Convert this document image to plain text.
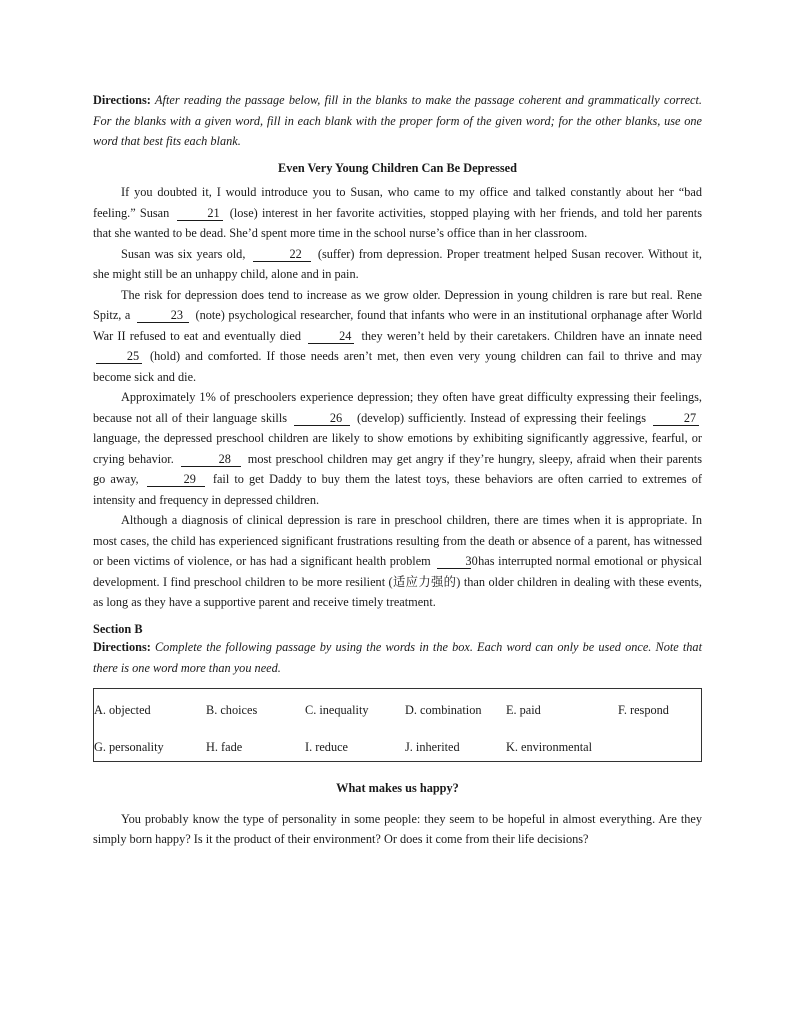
Directions: After reading the passage below, fill in the blanks to make the passage coherent and grammatically correct. For the blanks with a given word, fill in each blank with the proper form of the given word; for the other blanks, use one word that best fits each blank.

Even Very Young Children Can Be Depressed

If you doubted it, I would introduce you to Susan, who came to my office and talked constantly about her “bad feeling.” Susan	21 (lose) interest in her favorite activities, stopped playing with her friends, and told her parents that she wanted to be dead. She’d spent more time in the school nurse’s office than in her classroom.

Susan was six years old,	22 (suffer) from depression. Proper treatment helped Susan recover. Without it, she might still be an unhappy child, alone and in pain.

The risk for depression does tend to increase as we grow older. Depression in young children is rare but real. Rene Spitz, a	23 (note) psychological researcher, found that infants who were in an institutional orphanage after World War II refused to eat and eventually died	24 they weren’t held by their caretakers. Children have an innate need 25 (hold) and comforted. If those needs aren’t met, then even very young children can fail to thrive and may become sick and die.

Approximately 1% of preschoolers experience depression; they often have great difficulty expressing their feelings, because not all of their language skills	26 (develop) sufficiently. Instead of expressing their feelings	27 language, the depressed preschool children are likely to show emotions by exhibiting significantly aggressive, fearful, or crying behavior.	28 most preschool children may get angry if they’re hungry, sleepy, afraid when their parents go away,	29 fail to get Daddy to buy them the latest toys, these behaviors are often carried to extremes of intensity and frequency in depressed children.

Although a diagnosis of clinical depression is rare in preschool children, there are times when it is appropriate. In most cases, the child has experienced significant frustrations resulting from the death or absence of a parent, has witnessed or been victims of violence, or has had a significant health problem	30 has interrupted normal emotional or physical development. I find preschool children to be more resilient (适应力强的) than older children in dealing with these events, as long as they have a supportive parent and receive timely treatment.

Section B

Directions: Complete the following passage by using the words in the box. Each word can only be used once. Note that there is one word more than you need.

A. objected	B. choices	C. inequality	D. combination E. paid	F. respond
G. personality	H. fade	I. reduce	J. inherited	K. environmental
What makes us happy?

You probably know the type of personality in some people: they seem to be hopeful in almost everything. Are they simply born happy? Is it the product of their environment? Or does it come from their life decisions?
